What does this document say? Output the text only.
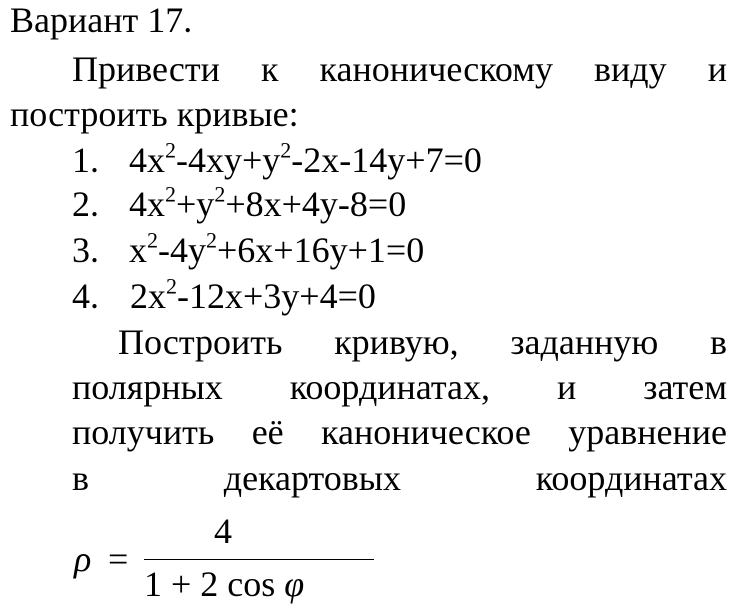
Вариант 17.
Привести к каноническому виду и
построить кривые:
1. $4x^2-4xy+y^2-2x-14y+7=0$
2. $4x^2+y^2+8x+4y-8=0$
3. $x^2-4y^2+6x+16y+1=0$
4. $2x^2-12x+3y+4=0$
Построить кривую, заданную в
полярных координатах, и затем
получить её каноническое уравнение
в	декартовых	координатах
ρ =
4
1 + 2 cos φ
